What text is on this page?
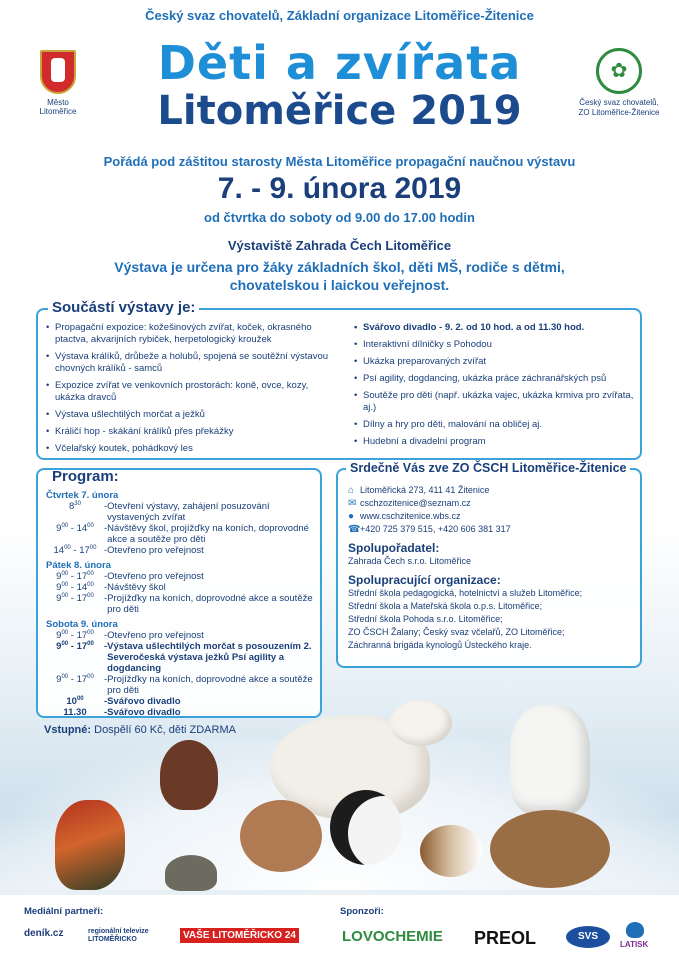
Český svaz chovatelů, Základní organizace Litoměřice-Žitenice
Děti a zvířata
Litoměřice 2019
Město Litoměřice
✿
Český svaz chovatelů,
ZO Litoměřice-Žitenice
Pořádá pod záštitou starosty Města Litoměřice propagační naučnou výstavu
7. - 9. února 2019
od čtvrtka do soboty od 9.00 do 17.00 hodin
Výstaviště Zahrada Čech Litoměřice
Výstava je určena pro žáky základních škol, děti MŠ, rodiče s dětmi, chovatelskou i laickou veřejnost.
Součástí výstavy je:
• Propagační expozice: kožešinových zvířat, koček, okrasného ptactva, akvarijních rybiček, herpetologický kroužek
• Výstava králíků, drůbeže a holubů, spojená se soutěžní výstavou chovných králíků - samců
• Expozice zvířat ve venkovních prostorách: koně, ovce, kozy, ukázka dravců
• Výstava ušlechtilých morčat a ježků
• Králičí hop - skákání králíků přes překážky
• Včelařský koutek, pohádkový les
• Svářovo divadlo - 9. 2. od 10 hod. a od 11.30 hod.
• Interaktivní dílničky s Pohodou
• Ukázka preparovaných zvířat
• Psí agility, dogdancing, ukázka práce záchranářských psů
• Soutěže pro děti (např. ukázka vajec, ukázka krmiva pro zvířata, aj.)
• Dílny a hry pro děti, malování na obličej aj.
• Hudební a divadelní program
Program:
Čtvrtek 7. února
$8^{30}$	- Otevření výstavy, zahájení posuzování vystavených zvířat
$9^{00} - 14^{00}$	- Návštěvy škol, projížďky na koních, doprovodné akce a soutěže pro děti
$14^{00} - 17^{00}$ - Otevřeno pro veřejnost
Pátek 8. února
$9^{00} - 17^{00}$	- Otevřeno pro veřejnost
$9^{00} - 14^{00}$	- Návštěvy škol
$9^{00} - 17^{00}$	- Projížďky na koních, doprovodné akce a soutěže pro děti
Sobota 9. února
$9^{00} - 17^{00}$	- Otevřeno pro veřejnost
$9^{00} - 17^{00}$	- Výstava ušlechtilých morčat s posouzením 2. Severočeská výstava ježků Psí agility a dogdancing
$9^{00} - 17^{00}$	- Projížďky na koních, doprovodné akce a soutěže pro děti
$10^{00}$	- Svářovo divadlo
11.30	- Svářovo divadlo
Srdečně Vás zve ZO ČSCH Litoměřice-Žitenice
⌂ Litoměřická 273, 411 41 Žitenice
✉ cschzozitenice@seznam.cz
● www.cschzitenice.wbs.cz
☎+420 725 379 515, +420 606 381 317
Spolupořadatel:
Zahrada Čech s.r.o. Litoměřice
Spolupracující organizace:
Střední škola pedagogická, hotelnictví a služeb Litoměřice;
Střední škola a Mateřská škola o.p.s. Litoměřice;
Střední škola Pohoda s.r.o. Litoměřice;
ZO ČSCH Žalany; Český svaz včelařů, ZO Litoměřice;
Záchranná brigáda kynologů Ústeckého kraje.
Vstupné: Dospělí 60 Kč, děti ZDARMA
Mediální partneři:	Sponzoři:
deník.cz	regionální televize LITOMĚŘICKO	VAŠE LITOMĚŘICKO 24	LOVOCHEMIE PREOL	SVS
LATISK
